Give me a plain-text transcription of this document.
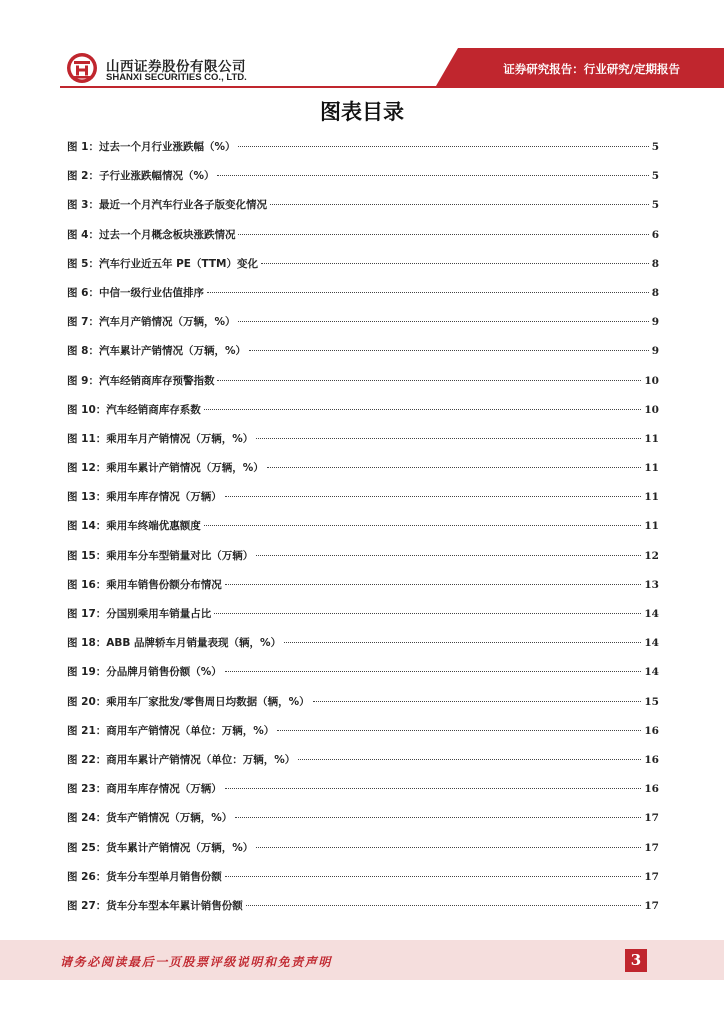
山西证券股份有限公司
SHANXI SECURITIES CO., LTD.
证券研究报告：行业研究/定期报告
图表目录
图 1：过去一个月行业涨跌幅（%）	5
图 2：子行业涨跌幅情况（%）	5
图 3：最近一个月汽车行业各子版变化情况	5
图 4：过去一个月概念板块涨跌情况	6
图 5：汽车行业近五年 PE（TTM）变化	8
图 6：中信一级行业估值排序	8
图 7：汽车月产销情况（万辆，%）	9
图 8：汽车累计产销情况（万辆，%）	9
图 9：汽车经销商库存预警指数	10
图 10：汽车经销商库存系数	10
图 11：乘用车月产销情况（万辆，%）	11
图 12：乘用车累计产销情况（万辆，%）	11
图 13：乘用车库存情况（万辆）	11
图 14：乘用车终端优惠额度	11
图 15：乘用车分车型销量对比（万辆）	12
图 16：乘用车销售份额分布情况	13
图 17：分国别乘用车销量占比	14
图 18：ABB 品牌轿车月销量表现（辆，%）	14
图 19：分品牌月销售份额（%）	14
图 20：乘用车厂家批发/零售周日均数据（辆，%）	15
图 21：商用车产销情况（单位：万辆，%）	16
图 22：商用车累计产销情况（单位：万辆，%）	16
图 23：商用车库存情况（万辆）	16
图 24：货车产销情况（万辆，%）	17
图 25：货车累计产销情况（万辆，%）	17
图 26：货车分车型单月销售份额	17
图 27：货车分车型本年累计销售份额	17
请务必阅读最后一页股票评级说明和免责声明	3
